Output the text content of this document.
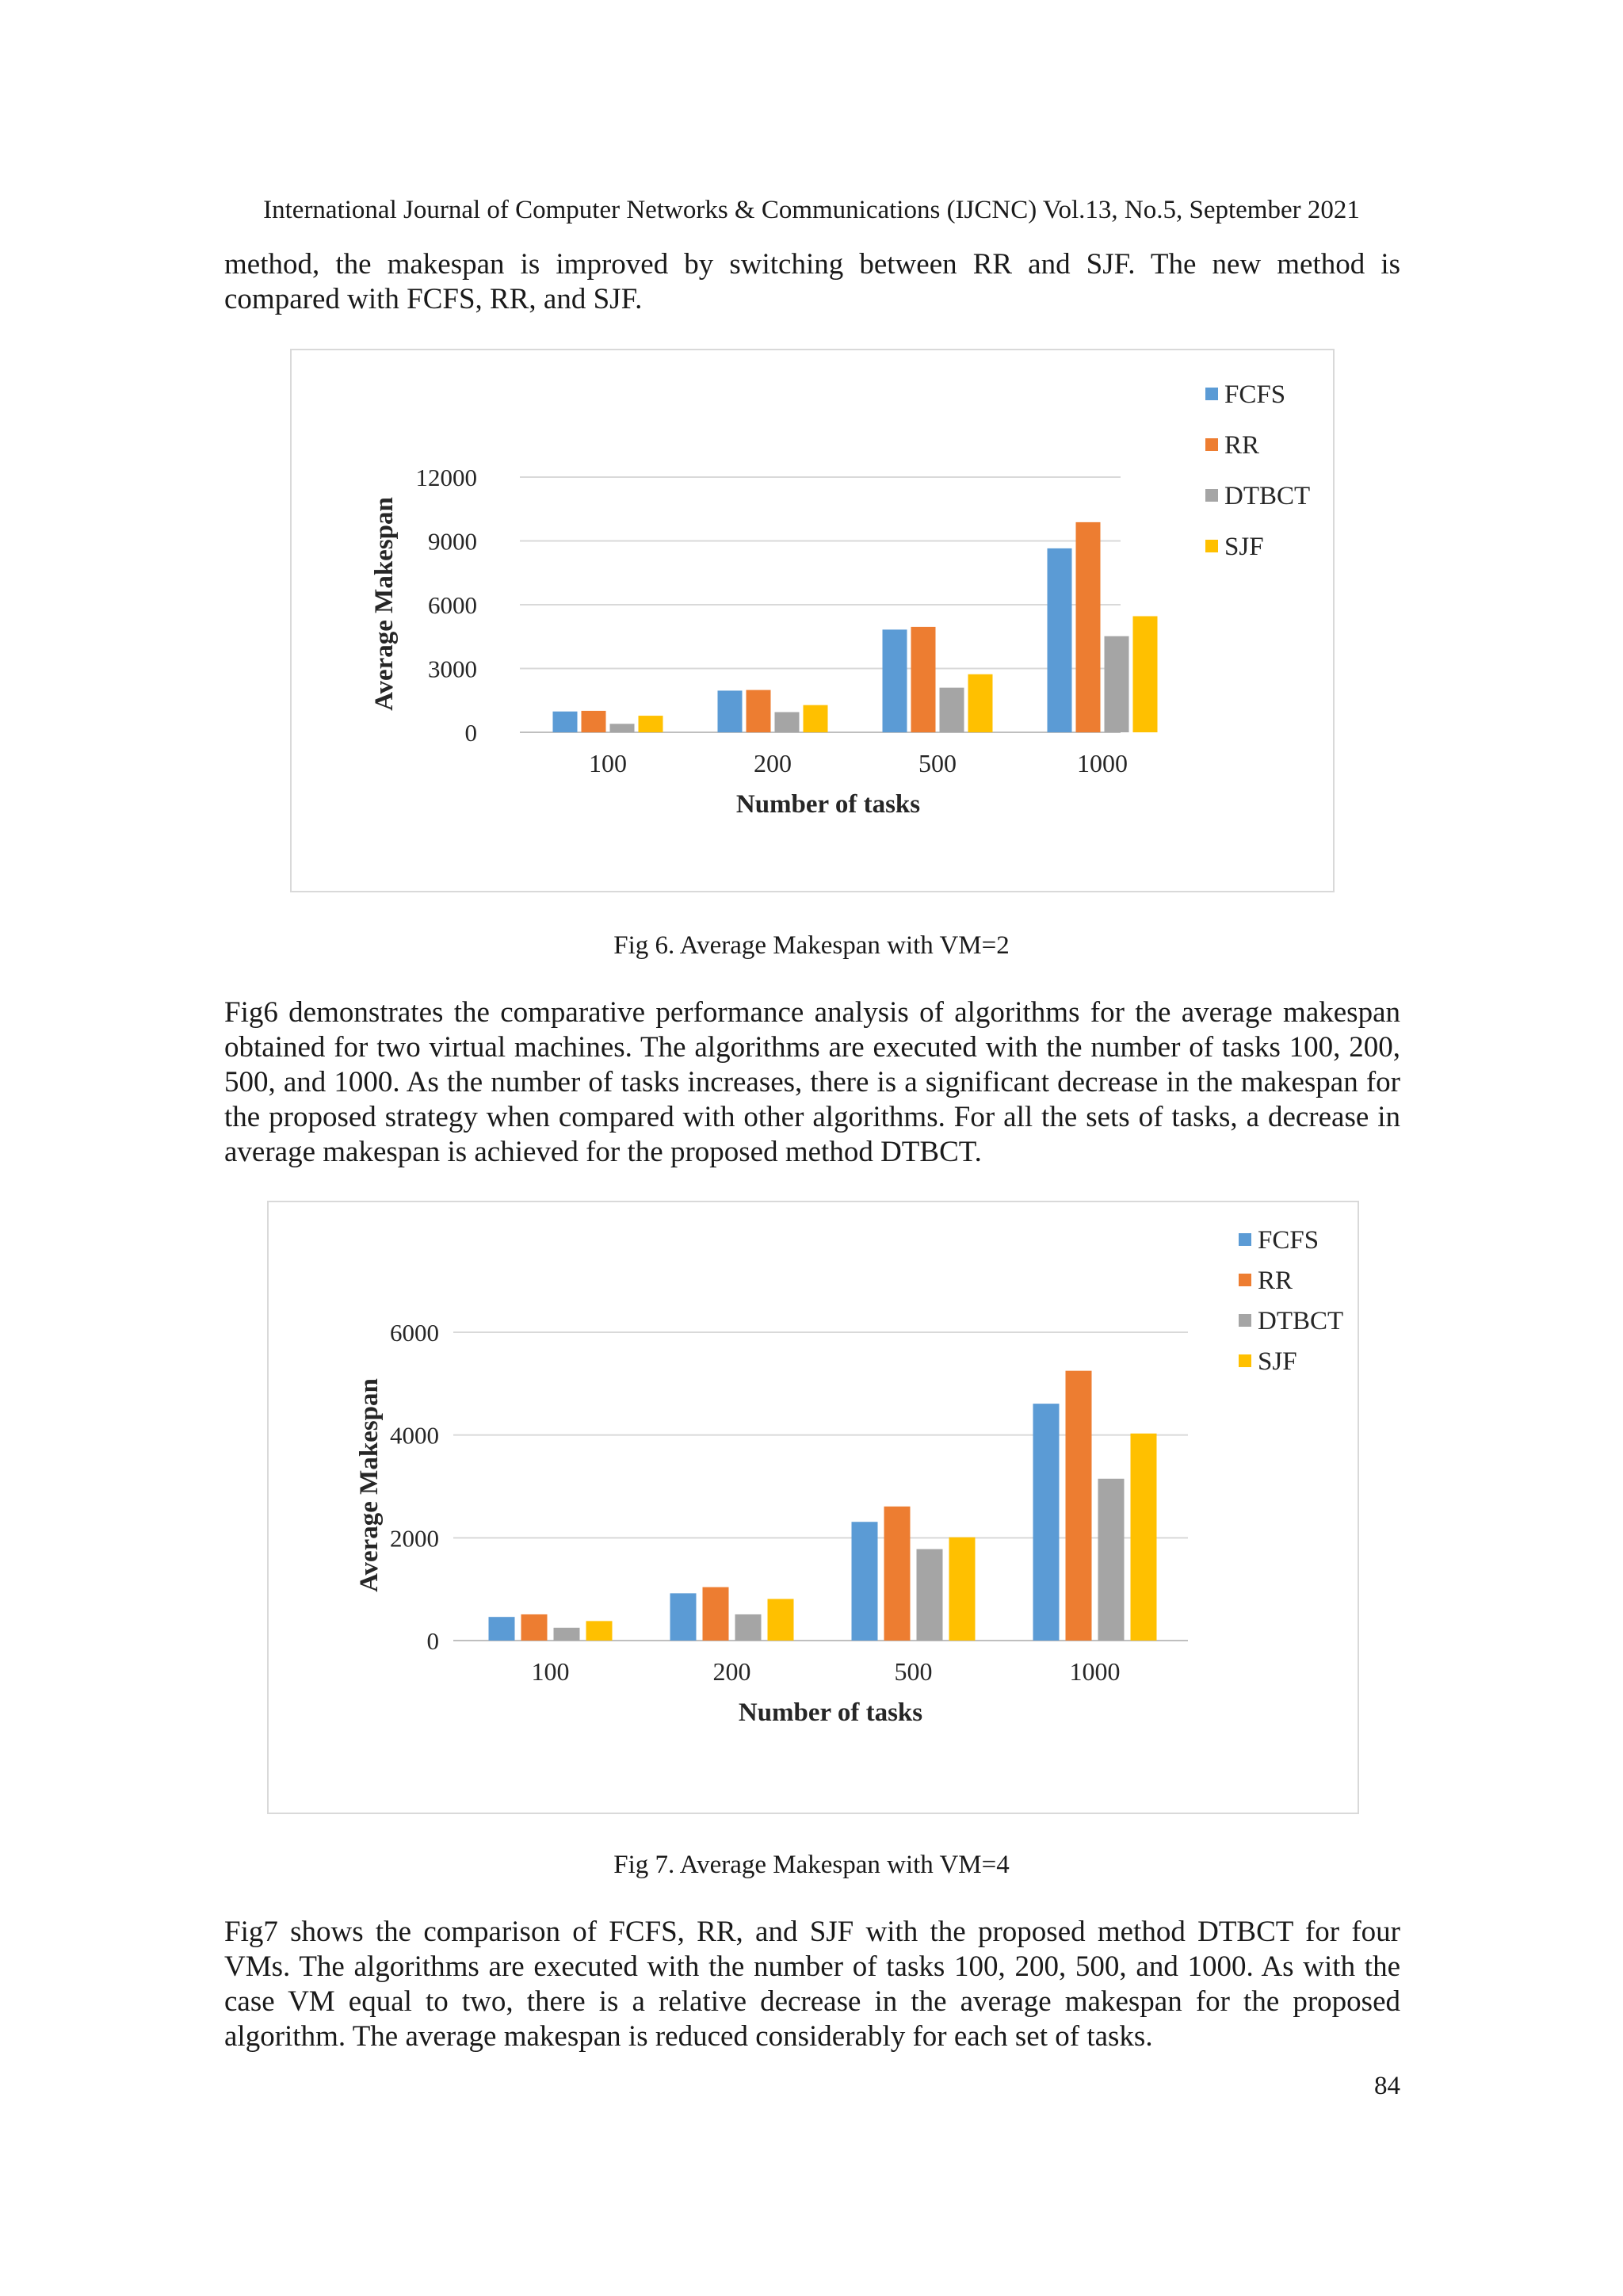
International Journal of Computer Networks & Communications (IJCNC) Vol.13, No.5, September 2021

method, the makespan is improved by switching between RR and SJF. The new method is compared with FCFS, RR, and SJF.

0
3000
6000
9000
12000
100	200	500	1000
Number of tasks
Average Makespan
FCFS
RR
DTBCT
SJF
Fig 6. Average Makespan with VM=2

Fig6 demonstrates the comparative performance analysis of algorithms for the average makespan obtained for two virtual machines. The algorithms are executed with the number of tasks 100, 200, 500, and 1000. As the number of tasks increases, there is a significant decrease in the makespan for the proposed strategy when compared with other algorithms. For all the sets of tasks, a decrease in average makespan is achieved for the proposed method DTBCT.

0
2000
4000
6000
100	200	500	1000
Number of tasks
Average Makespan
FCFS
RR
DTBCT
SJF
Fig 7. Average Makespan with VM=4

Fig7 shows the comparison of FCFS, RR, and SJF with the proposed method DTBCT for four VMs. The algorithms are executed with the number of tasks 100, 200, 500, and 1000. As with the case VM equal to two, there is a relative decrease in the average makespan for the proposed algorithm. The average makespan is reduced considerably for each set of tasks.

84
